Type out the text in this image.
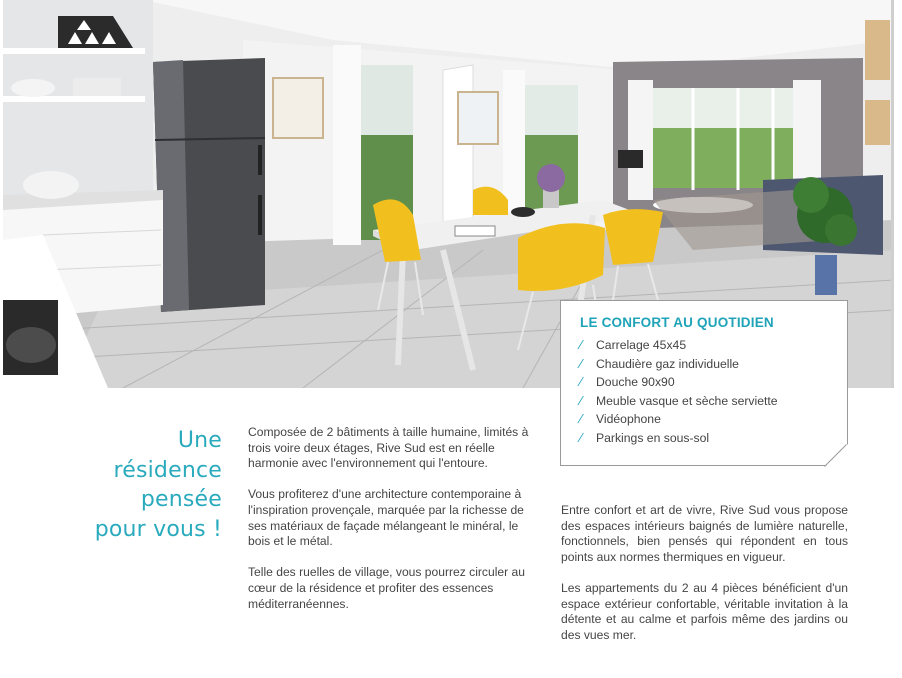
LE CONFORT AU QUOTIDIEN
⁄ Carrelage 45x45
⁄ Chaudière gaz individuelle
⁄ Douche 90x90
⁄ Meuble vasque et sèche serviette
⁄ Vidéophone
⁄ Parkings en sous-sol
Une
résidence
pensée
pour vous !

Composée de 2 bâtiments à taille humaine, limités à trois voire deux étages, Rive Sud est en réelle harmonie avec l'environnement qui l'entoure.

Vous profiterez d'une architecture contemporaine à l'inspiration provençale, marquée par la richesse de ses matériaux de façade mélangeant le minéral, le bois et le métal.

Telle des ruelles de village, vous pourrez circuler au cœur de la résidence et profiter des essences méditerranéennes.

Entre confort et art de vivre, Rive Sud vous propose des espaces intérieurs baignés de lumière naturelle, fonctionnels, bien pensés qui répondent en tous points aux normes thermiques en vigueur.

Les appartements du 2 au 4 pièces bénéficient d'un espace extérieur confortable, véritable invitation à la détente et au calme et parfois même des jardins ou des vues mer.
